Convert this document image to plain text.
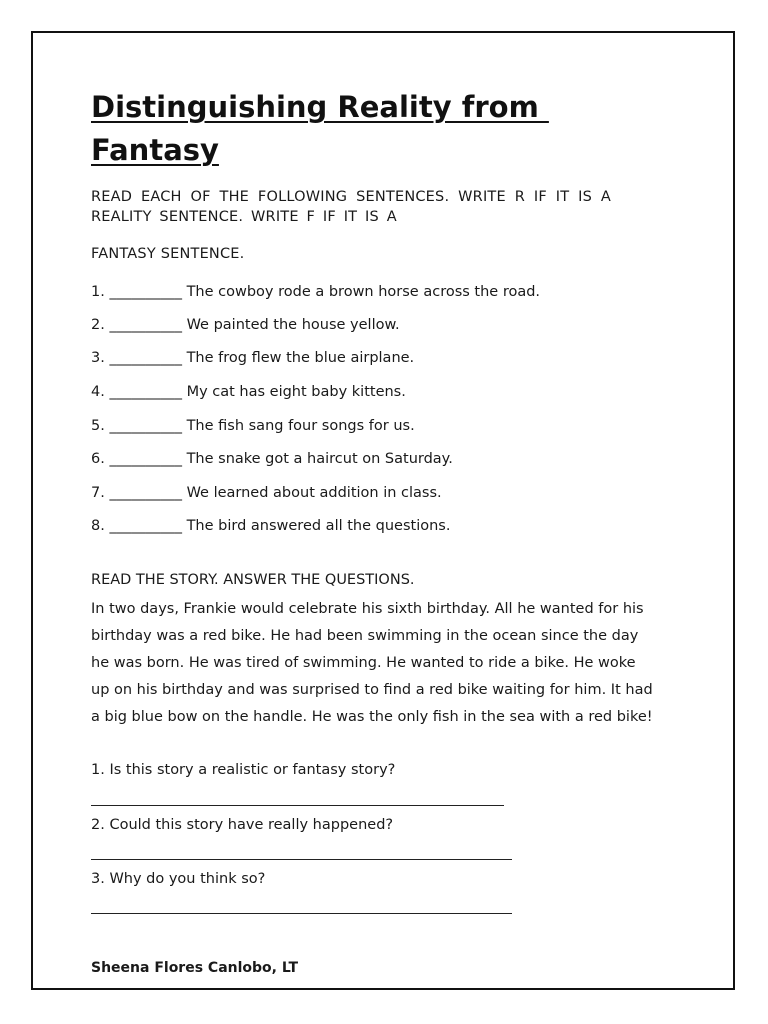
Distinguishing Reality from
Fantasy

READ EACH OF THE FOLLOWING SENTENCES. WRITE R IF IT IS A REALITY SENTENCE. WRITE F IF IT IS A

FANTASY SENTENCE.

1. __________ The cowboy rode a brown horse across the road.
2. __________ We painted the house yellow.
3. __________ The frog flew the blue airplane.
4. __________ My cat has eight baby kittens.
5. __________ The fish sang four songs for us.
6. __________ The snake got a haircut on Saturday.
7. __________ We learned about addition in class.
8. __________ The bird answered all the questions.
READ THE STORY. ANSWER THE QUESTIONS.

In two days, Frankie would celebrate his sixth birthday. All he wanted for his
birthday was a red bike. He had been swimming in the ocean since the day
he was born. He was tired of swimming. He wanted to ride a bike. He woke
up on his birthday and was surprised to find a red bike waiting for him. It had
a big blue bow on the handle. He was the only fish in the sea with a red bike!

1. Is this story a realistic or fantasy story?
2. Could this story have really happened?
3. Why do you think so?
Sheena Flores Canlobo, LT
